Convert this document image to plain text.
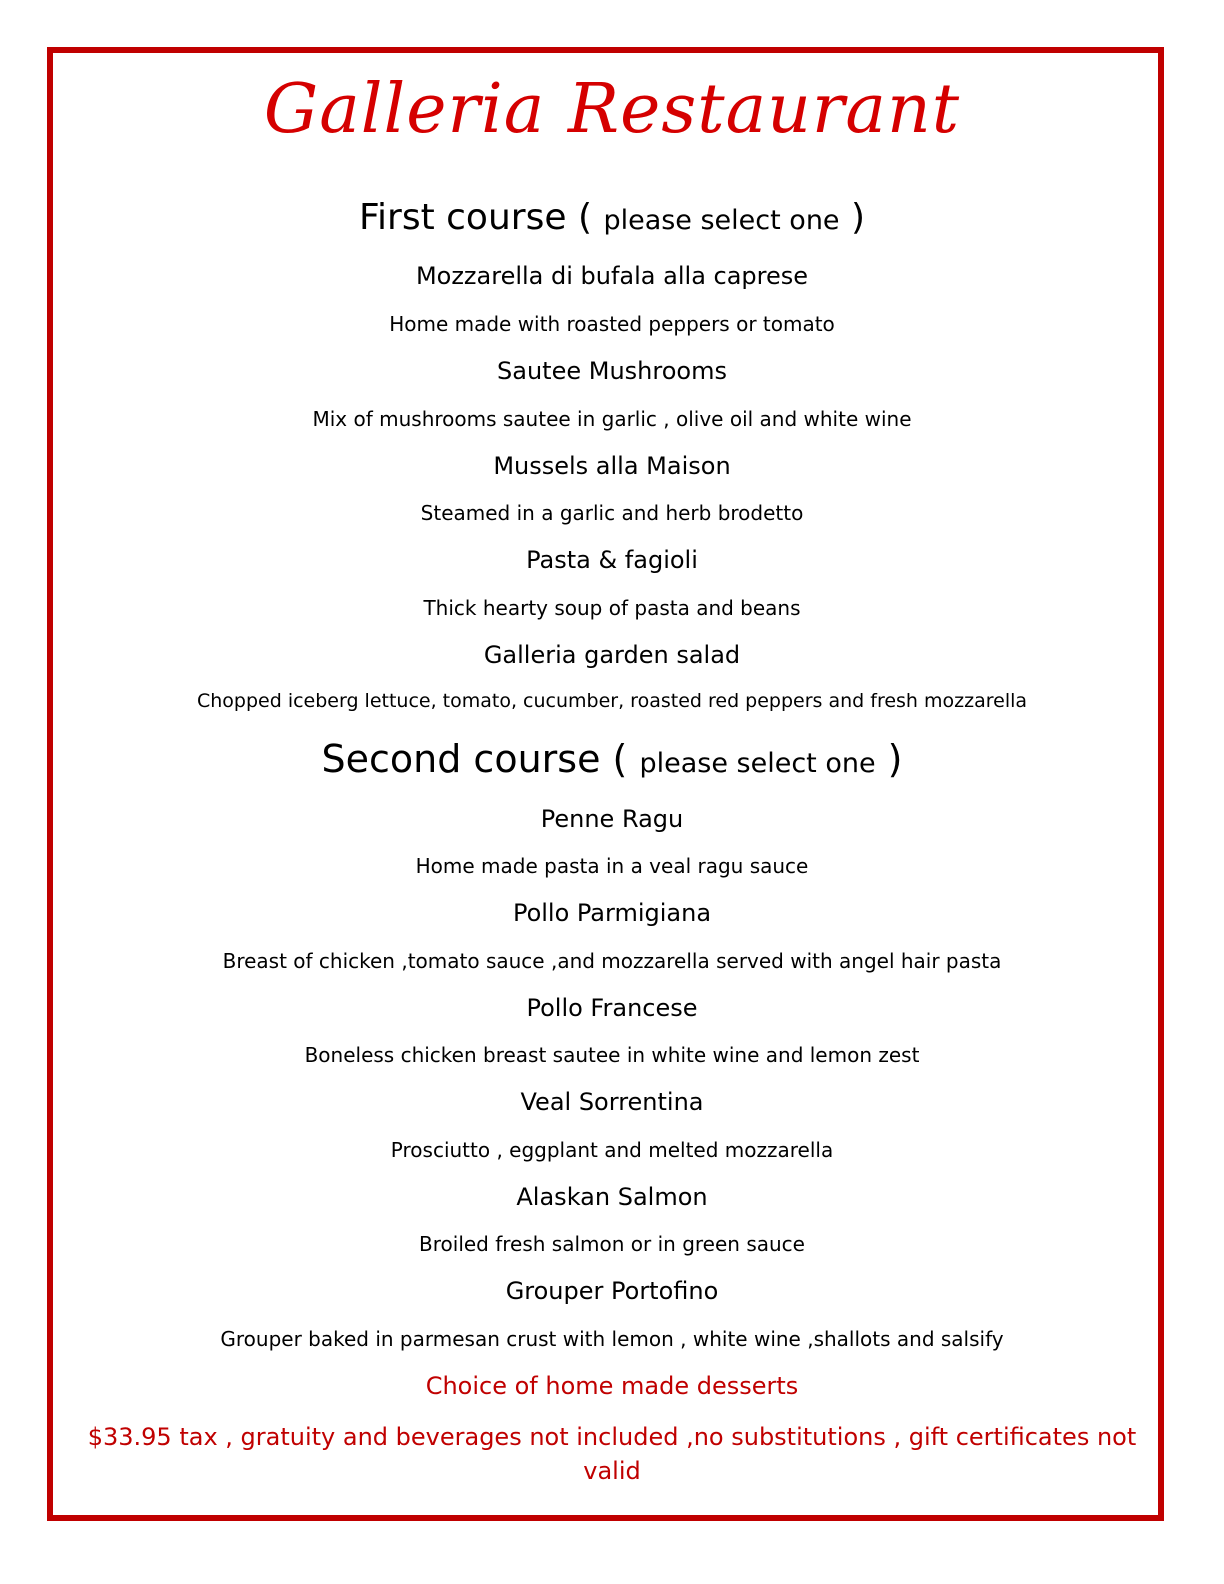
Galleria Restaurant
First course ( please select one )
Mozzarella di bufala alla caprese
Home made with roasted peppers or tomato
Sautee Mushrooms
Mix of mushrooms sautee in garlic , olive oil and white wine
Mussels alla Maison
Steamed in a garlic and herb brodetto
Pasta & fagioli
Thick hearty soup of pasta and beans
Galleria garden salad
Chopped iceberg lettuce, tomato, cucumber, roasted red peppers and fresh mozzarella
Second course ( please select one )
Penne Ragu
Home made pasta in a veal ragu sauce
Pollo Parmigiana
Breast of chicken ,tomato sauce ,and mozzarella served with angel hair pasta
Pollo Francese
Boneless chicken breast sautee in white wine and lemon zest
Veal Sorrentina
Prosciutto , eggplant and melted mozzarella
Alaskan Salmon
Broiled fresh salmon or in green sauce
Grouper Portofino
Grouper baked in parmesan crust with lemon , white wine ,shallots and salsify
Choice of home made desserts
$33.95 tax , gratuity and beverages not included ,no substitutions , gift certificates not valid
